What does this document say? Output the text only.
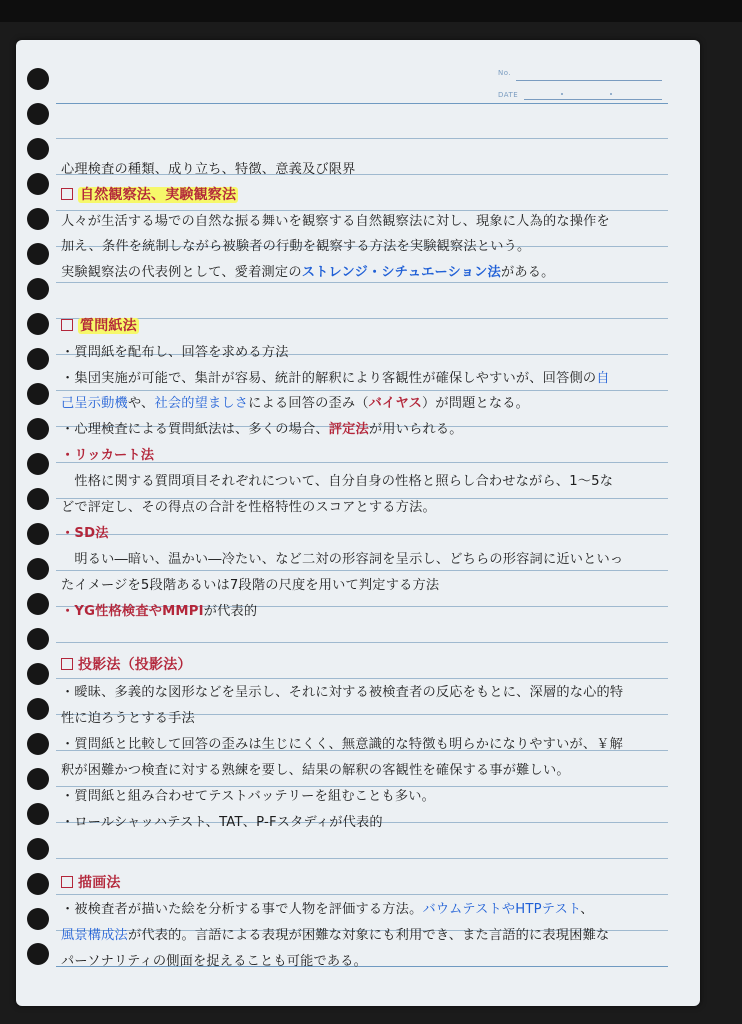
No.
DATE
心理検査の種類、成り立ち、特徴、意義及び限界
自然観察法、実験観察法
人々が生活する場での自然な振る舞いを観察する自然観察法に対し、現象に人為的な操作を
加え、条件を統制しながら被験者の行動を観察する方法を実験観察法という。
実験観察法の代表例として、愛着測定のストレンジ・シチュエーション法がある。
質問紙法
・質問紙を配布し、回答を求める方法
・集団実施が可能で、集計が容易、統計的解釈により客観性が確保しやすいが、回答側の自
己呈示動機や、社会的望ましさによる回答の歪み（バイヤス）が問題となる。
・心理検査による質問紙法は、多くの場合、評定法が用いられる。
・リッカート法
　性格に関する質問項目それぞれについて、自分自身の性格と照らし合わせながら、1～5な
どで評定し、その得点の合計を性格特性のスコアとする方法。
・SD法
　明るい―暗い、温かい―冷たい、など二対の形容詞を呈示し、どちらの形容詞に近いといっ
たイメージを5段階あるいは7段階の尺度を用いて判定する方法
・YG性格検査やMMPIが代表的
投影法（投影法）
・曖昧、多義的な図形などを呈示し、それに対する被検査者の反応をもとに、深層的な心的特
性に迫ろうとする手法
・質問紙と比較して回答の歪みは生じにくく、無意識的な特徴も明らかになりやすいが、￥解
釈が困難かつ検査に対する熟練を要し、結果の解釈の客観性を確保する事が難しい。
・質問紙と組み合わせてテストバッテリーを組むことも多い。
・ロールシャッハテスト、TAT、P-Fスタディが代表的
描画法
・被検査者が描いた絵を分析する事で人物を評価する方法。バウムテストやHTPテスト、
風景構成法が代表的。言語による表現が困難な対象にも利用でき、また言語的に表現困難な
パーソナリティの側面を捉えることも可能である。
